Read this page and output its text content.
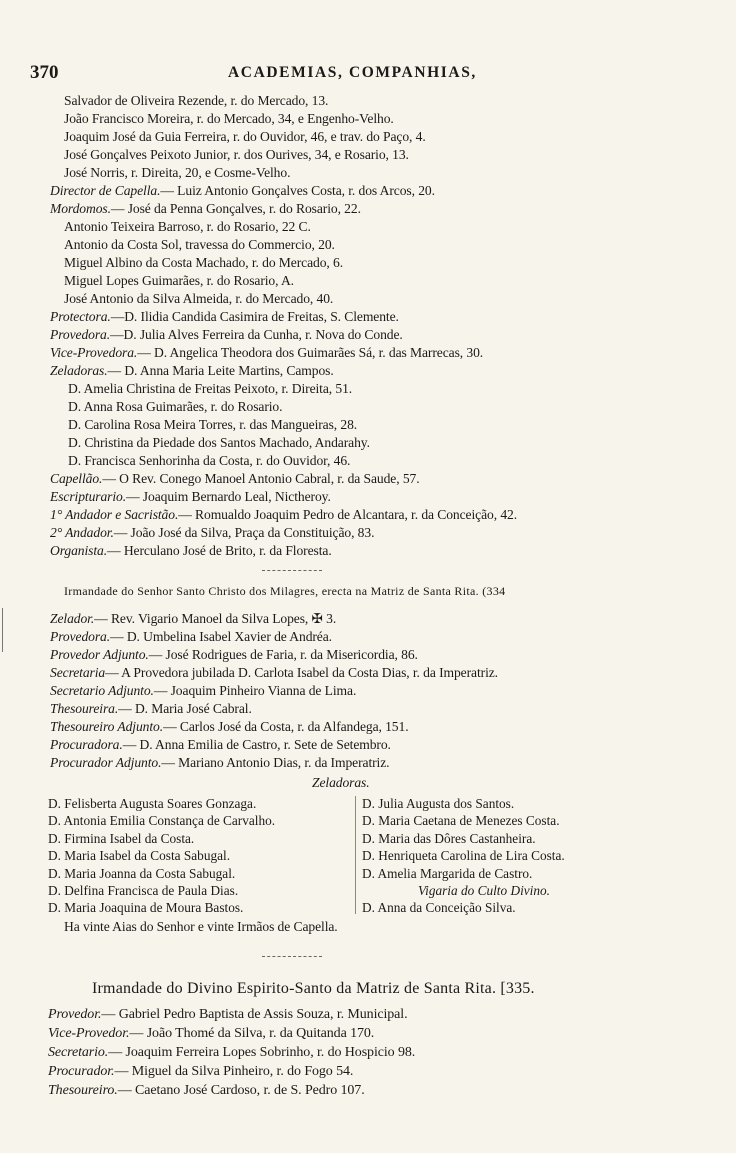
370	ACADEMIAS, COMPANHIAS,
Salvador de Oliveira Rezende, r. do Mercado, 13.
João Francisco Moreira, r. do Mercado, 34, e Engenho-Velho.
Joaquim José da Guia Ferreira, r. do Ouvidor, 46, e trav. do Paço, 4.
José Gonçalves Peixoto Junior, r. dos Ourives, 34, e Rosario, 13.
José Norris, r. Direita, 20, e Cosme-Velho.
Director de Capella.— Luiz Antonio Gonçalves Costa, r. dos Arcos, 20.
Mordomos.— José da Penna Gonçalves, r. do Rosario, 22.
Antonio Teixeira Barroso, r. do Rosario, 22 C.
Antonio da Costa Sol, travessa do Commercio, 20.
Miguel Albino da Costa Machado, r. do Mercado, 6.
Miguel Lopes Guimarães, r. do Rosario, A.
José Antonio da Silva Almeida, r. do Mercado, 40.
Protectora.—D. Ilidia Candida Casimira de Freitas, S. Clemente.
Provedora.—D. Julia Alves Ferreira da Cunha, r. Nova do Conde.
Vice-Provedora.— D. Angelica Theodora dos Guimarães Sá, r. das Marrecas, 30.
Zeladoras.— D. Anna Maria Leite Martins, Campos.
D. Amelia Christina de Freitas Peixoto, r. Direita, 51.
D. Anna Rosa Guimarães, r. do Rosario.
D. Carolina Rosa Meira Torres, r. das Mangueiras, 28.
D. Christina da Piedade dos Santos Machado, Andarahy.
D. Francisca Senhorinha da Costa, r. do Ouvidor, 46.
Capellão.— O Rev. Conego Manoel Antonio Cabral, r. da Saude, 57.
Escripturario.— Joaquim Bernardo Leal, Nictheroy.
1° Andador e Sacristão.— Romualdo Joaquim Pedro de Alcantara, r. da Conceição, 42.
2° Andador.— João José da Silva, Praça da Constituição, 83.
Organista.— Herculano José de Brito, r. da Floresta.
Irmandade do Senhor Santo Christo dos Milagres, erecta na Matriz de Santa Rita. (334
Zelador.— Rev. Vigario Manoel da Silva Lopes, ✠ 3.
Provedora.— D. Umbelina Isabel Xavier de Andréa.
Provedor Adjunto.— José Rodrigues de Faria, r. da Misericordia, 86.
Secretaria— A Provedora jubilada D. Carlota Isabel da Costa Dias, r. da Imperatriz.
Secretario Adjunto.— Joaquim Pinheiro Vianna de Lima.
Thesoureira.— D. Maria José Cabral.
Thesoureiro Adjunto.— Carlos José da Costa, r. da Alfandega, 151.
Procuradora.— D. Anna Emilia de Castro, r. Sete de Setembro.
Procurador Adjunto.— Mariano Antonio Dias, r. da Imperatriz.
Zeladoras.
D. Felisberta Augusta Soares Gonzaga.
D. Antonia Emilia Constança de Carvalho.
D. Firmina Isabel da Costa.
D. Maria Isabel da Costa Sabugal.
D. Maria Joanna da Costa Sabugal.
D. Delfina Francisca de Paula Dias.
D. Maria Joaquina de Moura Bastos.
D. Julia Augusta dos Santos.
D. Maria Caetana de Menezes Costa.
D. Maria das Dôres Castanheira.
D. Henriqueta Carolina de Lira Costa.
D. Amelia Margarida de Castro.
Vigaria do Culto Divino.
D. Anna da Conceição Silva.
Ha vinte Aias do Senhor e vinte Irmãos de Capella.
Irmandade do Divino Espirito-Santo da Matriz de Santa Rita. [335.
Provedor.— Gabriel Pedro Baptista de Assis Souza, r. Municipal.
Vice-Provedor.— João Thomé da Silva, r. da Quitanda 170.
Secretario.— Joaquim Ferreira Lopes Sobrinho, r. do Hospicio 98.
Procurador.— Miguel da Silva Pinheiro, r. do Fogo 54.
Thesoureiro.— Caetano José Cardoso, r. de S. Pedro 107.
